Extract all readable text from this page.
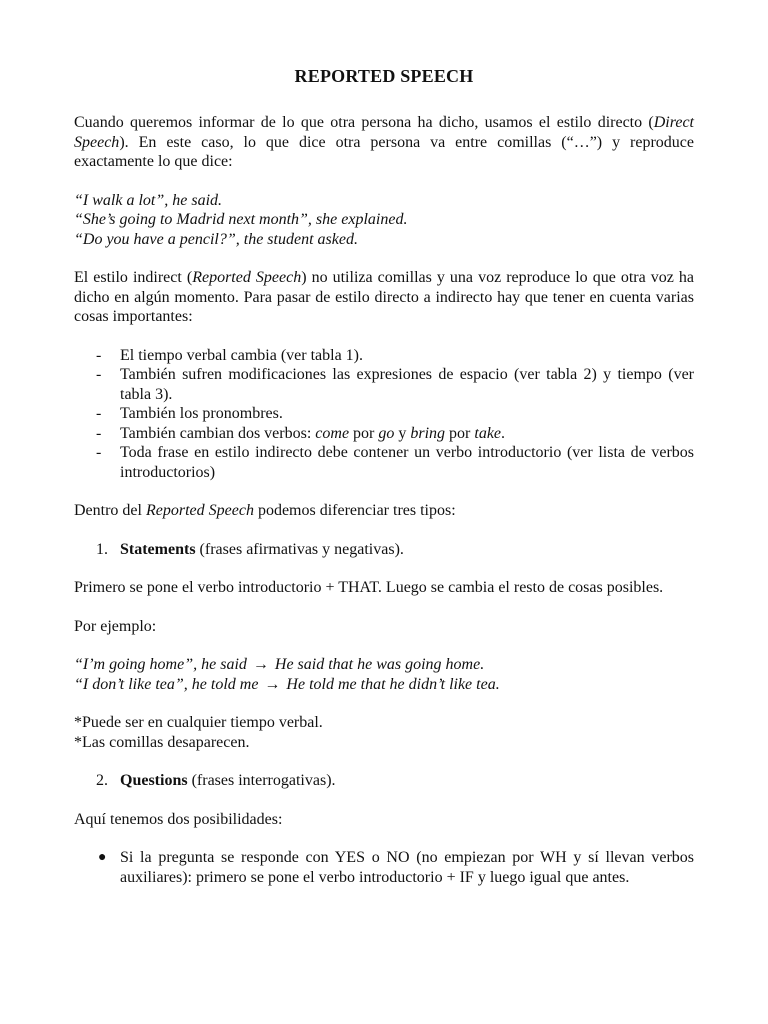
REPORTED SPEECH

Cuando queremos informar de lo que otra persona ha dicho, usamos el estilo directo (Direct Speech). En este caso, lo que dice otra persona va entre comillas (“…”) y reproduce exactamente lo que dice:

“I walk a lot”, he said.

“She’s going to Madrid next month”, she explained.

“Do you have a pencil?”, the student asked.

El estilo indirect (Reported Speech) no utiliza comillas y una voz reproduce lo que otra voz ha dicho en algún momento. Para pasar de estilo directo a indirecto hay que tener en cuenta varias cosas importantes:

- El tiempo verbal cambia (ver tabla 1).
- También sufren modificaciones las expresiones de espacio (ver tabla 2) y tiempo (ver tabla 3).
- También los pronombres.
- También cambian dos verbos: come por go y bring por take.
- Toda frase en estilo indirecto debe contener un verbo introductorio (ver lista de verbos introductorios)

Dentro del Reported Speech podemos diferenciar tres tipos:

1. Statements (frases afirmativas y negativas).

Primero se pone el verbo introductorio + THAT. Luego se cambia el resto de cosas posibles.

Por ejemplo:

“I’m going home”, he said → He said that he was going home.

“I don’t like tea”, he told me → He told me that he didn’t like tea.

*Puede ser en cualquier tiempo verbal.

*Las comillas desaparecen.

2. Questions (frases interrogativas).

Aquí tenemos dos posibilidades:

● Si la pregunta se responde con YES o NO (no empiezan por WH y sí llevan verbos auxiliares): primero se pone el verbo introductorio + IF y luego igual que antes.
